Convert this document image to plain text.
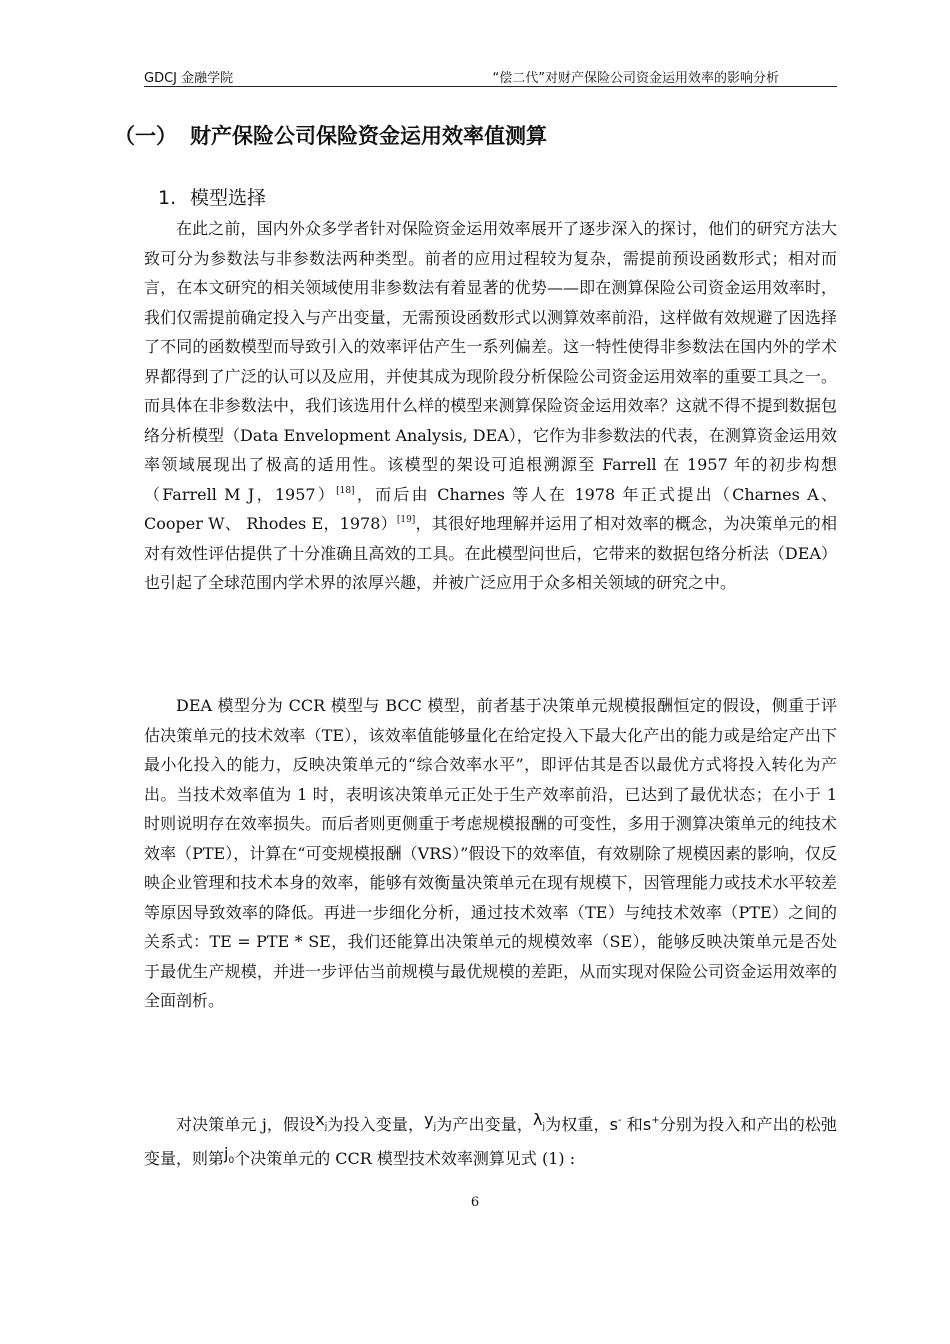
GDCJ 金融学院	“偿二代”对财产保险公司资金运用效率的影响分析
（一） 财产保险公司保险资金运用效率值测算
1. 模型选择

在此之前，国内外众多学者针对保险资金运用效率展开了逐步深入的探讨，他们的研究方法大致可分为参数法与非参数法两种类型。前者的应用过程较为复杂，需提前预设函数形式；相对而言，在本文研究的相关领域使用非参数法有着显著的优势——即在测算保险公司资金运用效率时，我们仅需提前确定投入与产出变量，无需预设函数形式以测算效率前沿，这样做有效规避了因选择了不同的函数模型而导致引入的效率评估产生一系列偏差。这一特性使得非参数法在国内外的学术界都得到了广泛的认可以及应用，并使其成为现阶段分析保险公司资金运用效率的重要工具之一。而具体在非参数法中，我们该选用什么样的模型来测算保险资金运用效率？这就不得不提到数据包络分析模型（Data Envelopment Analysis, DEA），它作为非参数法的代表，在测算资金运用效率领域展现出了极高的适用性。该模型的架设可追根溯源至 Farrell 在 1957 年的初步构想（Farrell M J，1957）[18]，而后由 Charnes 等人在 1978 年正式提出（Charnes A、 Cooper W、 Rhodes E，1978）[19]，其很好地理解并运用了相对效率的概念，为决策单元的相对有效性评估提供了十分准确且高效的工具。在此模型问世后，它带来的数据包络分析法（DEA）也引起了全球范围内学术界的浓厚兴趣，并被广泛应用于众多相关领域的研究之中。

DEA 模型分为 CCR 模型与 BCC 模型，前者基于决策单元规模报酬恒定的假设，侧重于评估决策单元的技术效率（TE），该效率值能够量化在给定投入下最大化产出的能力或是给定产出下最小化投入的能力，反映决策单元的“综合效率水平”，即评估其是否以最优方式将投入转化为产出。当技术效率值为 1 时，表明该决策单元正处于生产效率前沿，已达到了最优状态；在小于 1 时则说明存在效率损失。而后者则更侧重于考虑规模报酬的可变性，多用于测算决策单元的纯技术效率（PTE），计算在“可变规模报酬（VRS）”假设下的效率值，有效剔除了规模因素的影响，仅反映企业管理和技术本身的效率，能够有效衡量决策单元在现有规模下，因管理能力或技术水平较差等原因导致效率的降低。再进一步细化分析，通过技术效率（TE）与纯技术效率（PTE）之间的关系式：TE = PTE * SE，我们还能算出决策单元的规模效率（SE），能够反映决策单元是否处于最优生产规模，并进一步评估当前规模与最优规模的差距，从而实现对保险公司资金运用效率的全面剖析。

对决策单元 j，假设$x_j$为投入变量，$y_j$为产出变量，$\lambda_j$为权重，s- 和s+分别为投入和产出的松弛变量，则第$j_0$个决策单元的 CCR 模型技术效率测算见式 (1) :

6
